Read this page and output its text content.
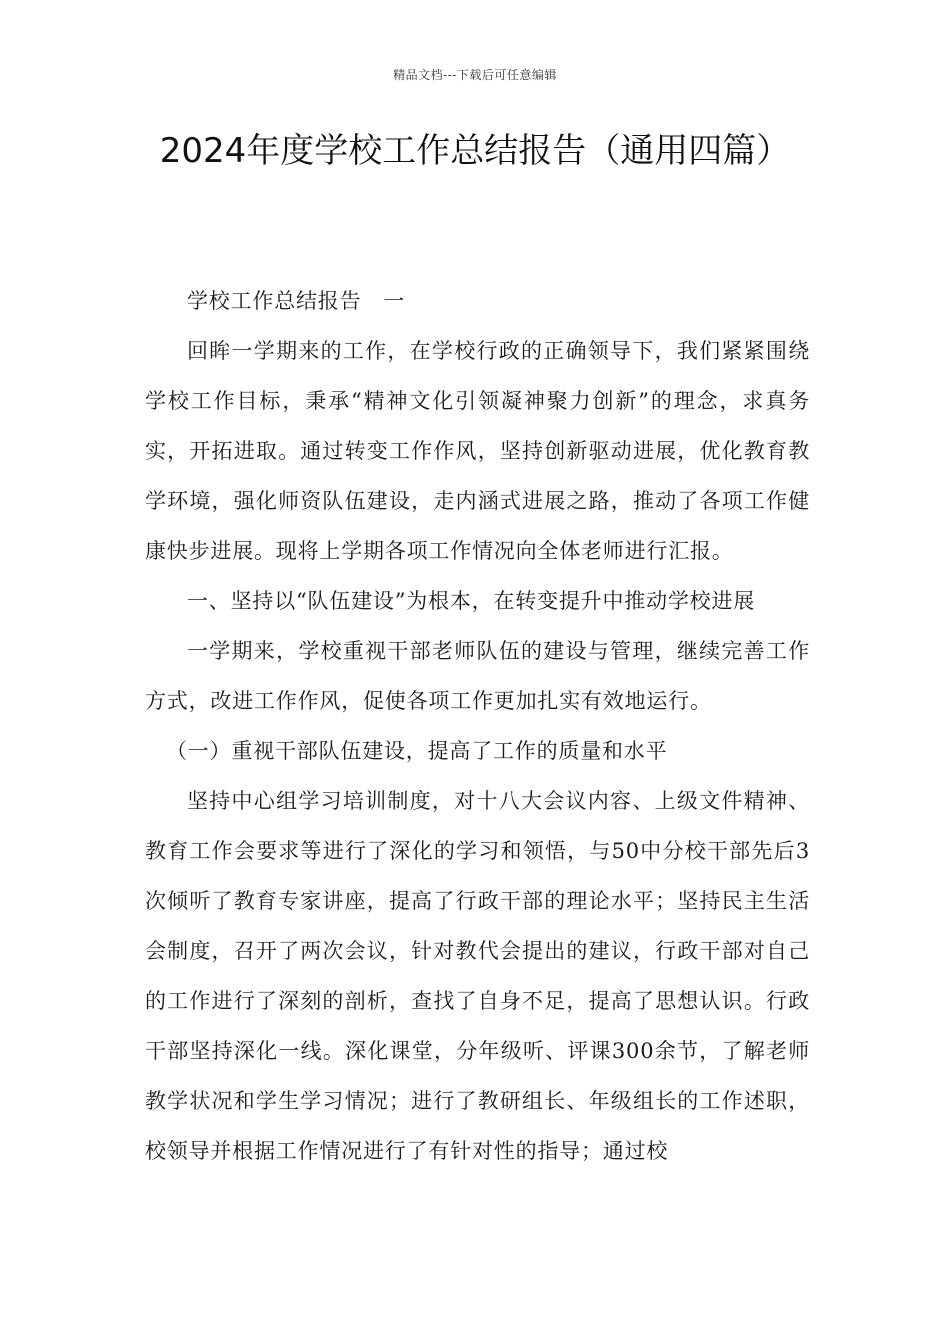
精品文档---下载后可任意编辑
2024年度学校工作总结报告（通用四篇）

学校工作总结报告　一

回眸一学期来的工作，在学校行政的正确领导下，我们紧紧围绕学校工作目标，秉承“精神文化引领凝神聚力创新”的理念，求真务实，开拓进取。通过转变工作作风，坚持创新驱动进展，优化教育教学环境，强化师资队伍建设，走内涵式进展之路，推动了各项工作健康快步进展。现将上学期各项工作情况向全体老师进行汇报。

一、坚持以“队伍建设”为根本，在转变提升中推动学校进展

一学期来，学校重视干部老师队伍的建设与管理，继续完善工作方式，改进工作作风，促使各项工作更加扎实有效地运行。

（一）重视干部队伍建设，提高了工作的质量和水平

坚持中心组学习培训制度，对十八大会议内容、上级文件精神、教育工作会要求等进行了深化的学习和领悟，与50中分校干部先后3次倾听了教育专家讲座，提高了行政干部的理论水平；坚持民主生活会制度，召开了两次会议，针对教代会提出的建议，行政干部对自己的工作进行了深刻的剖析，查找了自身不足，提高了思想认识。行政干部坚持深化一线。深化课堂，分年级听、评课300余节，了解老师教学状况和学生学习情况；进行了教研组长、年级组长的工作述职，校领导并根据工作情况进行了有针对性的指导；通过校
